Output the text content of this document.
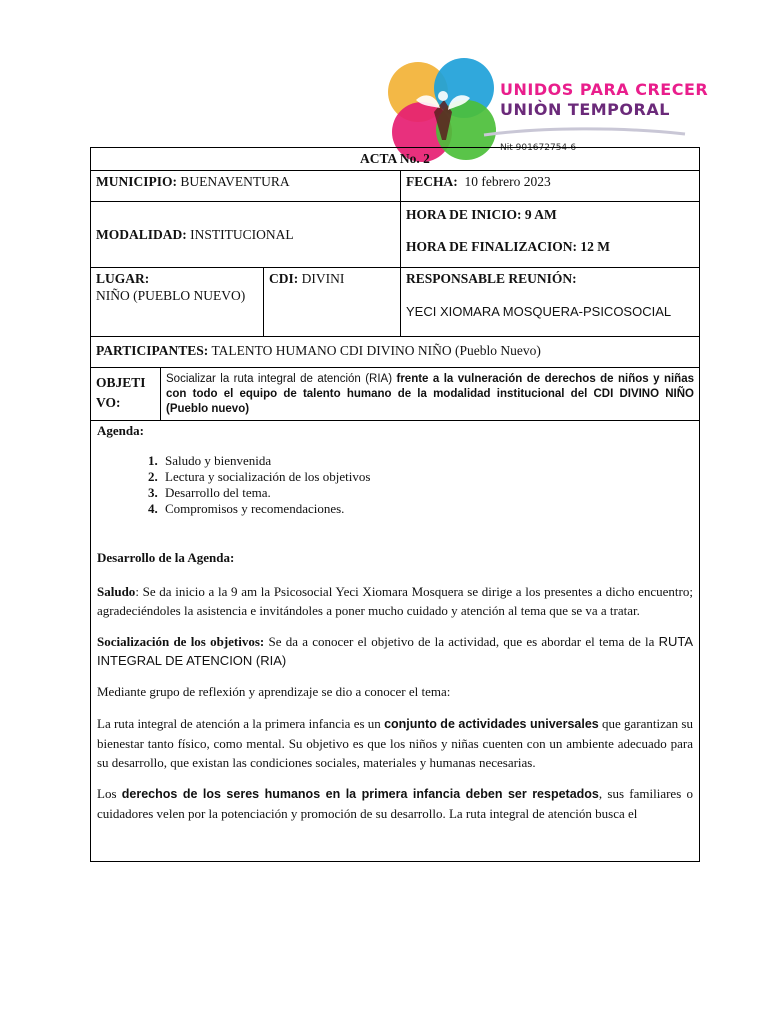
UNIDOS PARA CRECER
UNIÒN TEMPORAL
Nit 901672754-6
ACTA No. 2
MUNICIPIO: BUENAVENTURA	FECHA: 10 febrero 2023
MODALIDAD: INSTITUCIONAL
HORA DE INICIO: 9 AM
HORA DE FINALIZACION: 12 M
LUGAR:
NIÑO (PUEBLO NUEVO)
CDI: DIVINI	RESPONSABLE REUNIÓN:
YECI XIOMARA MOSQUERA-PSICOSOCIAL
PARTICIPANTES: TALENTO HUMANO CDI DIVINO NIÑO (Pueblo Nuevo)
OBJETI
VO:
Socializar la ruta integral de atención (RIA) frente a la vulneración de derechos de niños y niñas con todo el equipo de talento humano de la modalidad institucional del CDI DIVINO NIÑO (Pueblo nuevo)
Agenda:
1. Saludo y bienvenida
2. Lectura y socialización de los objetivos
3. Desarrollo del tema.
4. Compromisos y recomendaciones.
Desarrollo de la Agenda:

Saludo: Se da inicio a la 9 am la Psicosocial Yeci Xiomara Mosquera se dirige a los presentes a dicho encuentro; agradeciéndoles la asistencia e invitándoles a poner mucho cuidado y atención al tema que se va a tratar.

Socialización de los objetivos: Se da a conocer el objetivo de la actividad, que es abordar el tema de la RUTA INTEGRAL DE ATENCION (RIA)

Mediante grupo de reflexión y aprendizaje se dio a conocer el tema:

La ruta integral de atención a la primera infancia es un conjunto de actividades universales que garantizan su bienestar tanto físico, como mental. Su objetivo es que los niños y niñas cuenten con un ambiente adecuado para su desarrollo, que existan las condiciones sociales, materiales y humanas necesarias.

Los derechos de los seres humanos en la primera infancia deben ser respetados, sus familiares o cuidadores velen por la potenciación y promoción de su desarrollo. La ruta integral de atención busca el
